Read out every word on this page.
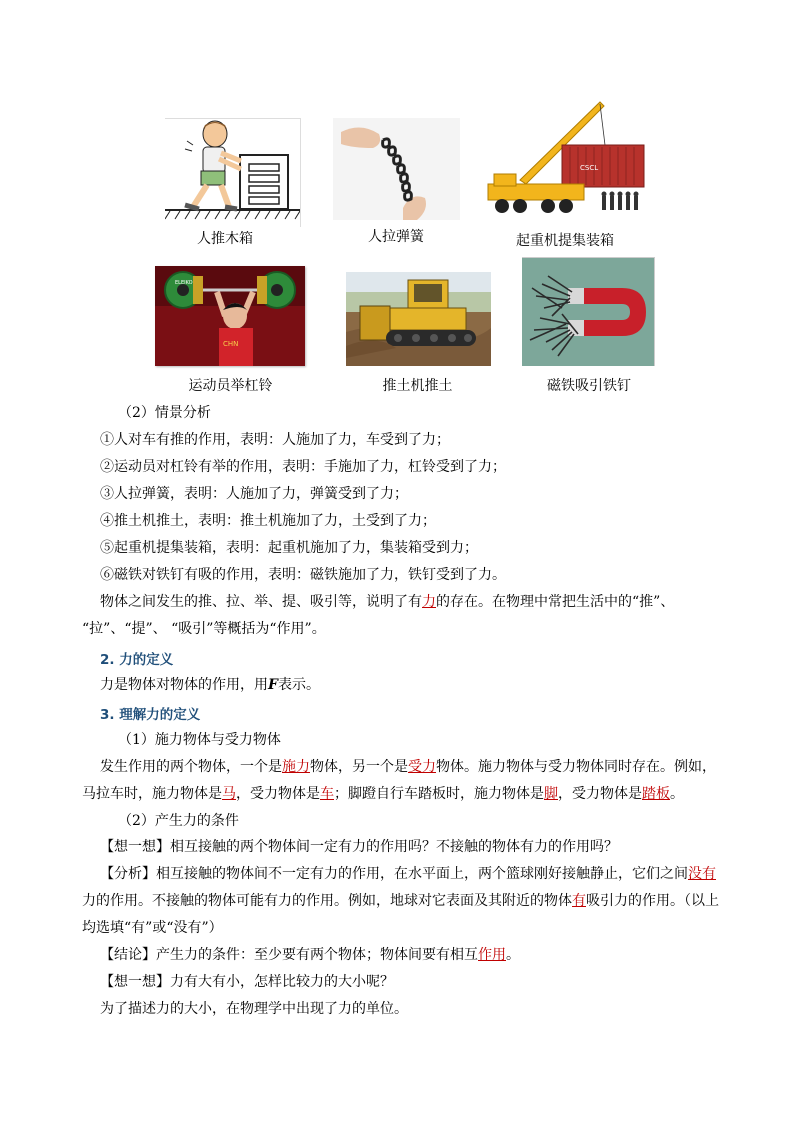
人推木箱	人拉弹簧
CSCL
起重机提集装箱
ELEIKO
CHN
运动员举杠铃	推土机推土	磁铁吸引铁钉
（2）情景分析
①人对车有推的作用，表明：人施加了力，车受到了力；
②运动员对杠铃有举的作用，表明：手施加了力，杠铃受到了力；
③人拉弹簧，表明：人施加了力，弹簧受到了力；
④推土机推土，表明：推土机施加了力，土受到了力；
⑤起重机提集装箱，表明：起重机施加了力，集装箱受到力；
⑥磁铁对铁钉有吸的作用，表明：磁铁施加了力，铁钉受到了力。
物体之间发生的推、拉、举、提、吸引等，说明了有力的存在。在物理中常把生活中的“推”、
“拉”、“提”、 “吸引”等概括为“作用”。
2. 力的定义
力是物体对物体的作用，用F表示。
3. 理解力的定义
（1）施力物体与受力物体
发生作用的两个物体，一个是施力物体，另一个是受力物体。施力物体与受力物体同时存在。例如，
马拉车时，施力物体是马，受力物体是车；脚蹬自行车踏板时，施力物体是脚，受力物体是踏板。
（2）产生力的条件
【想一想】相互接触的两个物体间一定有力的作用吗？不接触的物体有力的作用吗？
【分析】相互接触的物体间不一定有力的作用，在水平面上，两个篮球刚好接触静止，它们之间没有
力的作用。不接触的物体可能有力的作用。例如，地球对它表面及其附近的物体有吸引力的作用。（以上
均选填“有”或“没有”）
【结论】产生力的条件：至少要有两个物体；物体间要有相互作用。
【想一想】力有大有小，怎样比较力的大小呢？
为了描述力的大小，在物理学中出现了力的单位。
